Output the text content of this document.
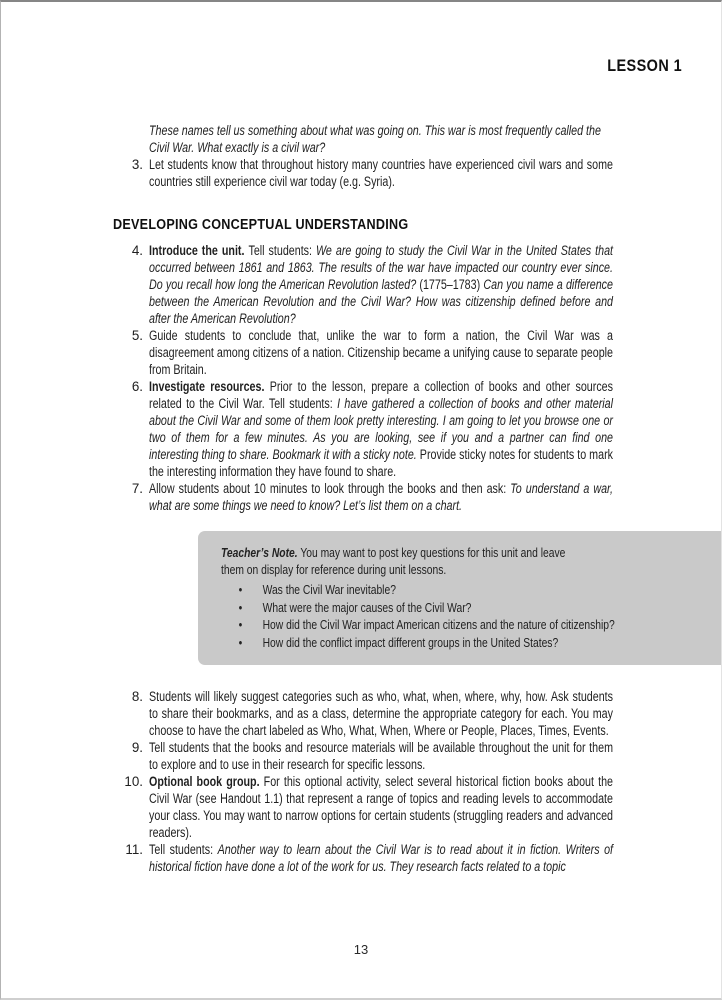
LESSON 1
These names tell us something about what was going on. This war is most frequently called the Civil War. What exactly is a civil war?
3. Let students know that throughout history many countries have experienced civil wars and some countries still experience civil war today (e.g. Syria).
DEVELOPING CONCEPTUAL UNDERSTANDING
4. Introduce the unit. Tell students: We are going to study the Civil War in the United States that occurred between 1861 and 1863. The results of the war have impacted our country ever since. Do you recall how long the American Revolution lasted? (1775–1783) Can you name a difference between the American Revolution and the Civil War? How was citizenship defined before and after the American Revolution?
5. Guide students to conclude that, unlike the war to form a nation, the Civil War was a disagreement among citizens of a nation. Citizenship became a unifying cause to separate people from Britain.
6. Investigate resources. Prior to the lesson, prepare a collection of books and other sources related to the Civil War. Tell students: I have gathered a collection of books and other material about the Civil War and some of them look pretty interesting. I am going to let you browse one or two of them for a few minutes. As you are looking, see if you and a partner can find one interesting thing to share. Bookmark it with a sticky note. Provide sticky notes for students to mark the interesting information they have found to share.
7. Allow students about 10 minutes to look through the books and then ask: To understand a war, what are some things we need to know? Let’s list them on a chart.

Teacher’s Note. You may want to post key questions for this unit and leave them on display for reference during unit lessons.

• Was the Civil War inevitable?
• What were the major causes of the Civil War?
• How did the Civil War impact American citizens and the nature of citizenship?
• How did the conflict impact different groups in the United States?
8. Students will likely suggest categories such as who, what, when, where, why, how. Ask students to share their bookmarks, and as a class, determine the appropriate category for each. You may choose to have the chart labeled as Who, What, When, Where or People, Places, Times, Events.
9. Tell students that the books and resource materials will be available throughout the unit for them to explore and to use in their research for specific lessons.
10. Optional book group. For this optional activity, select several historical fiction books about the Civil War (see Handout 1.1) that represent a range of topics and reading levels to accommodate your class. You may want to narrow options for certain students (struggling readers and advanced readers).
11. Tell students: Another way to learn about the Civil War is to read about it in fiction. Writers of historical fiction have done a lot of the work for us. They research facts related to a topic
13
